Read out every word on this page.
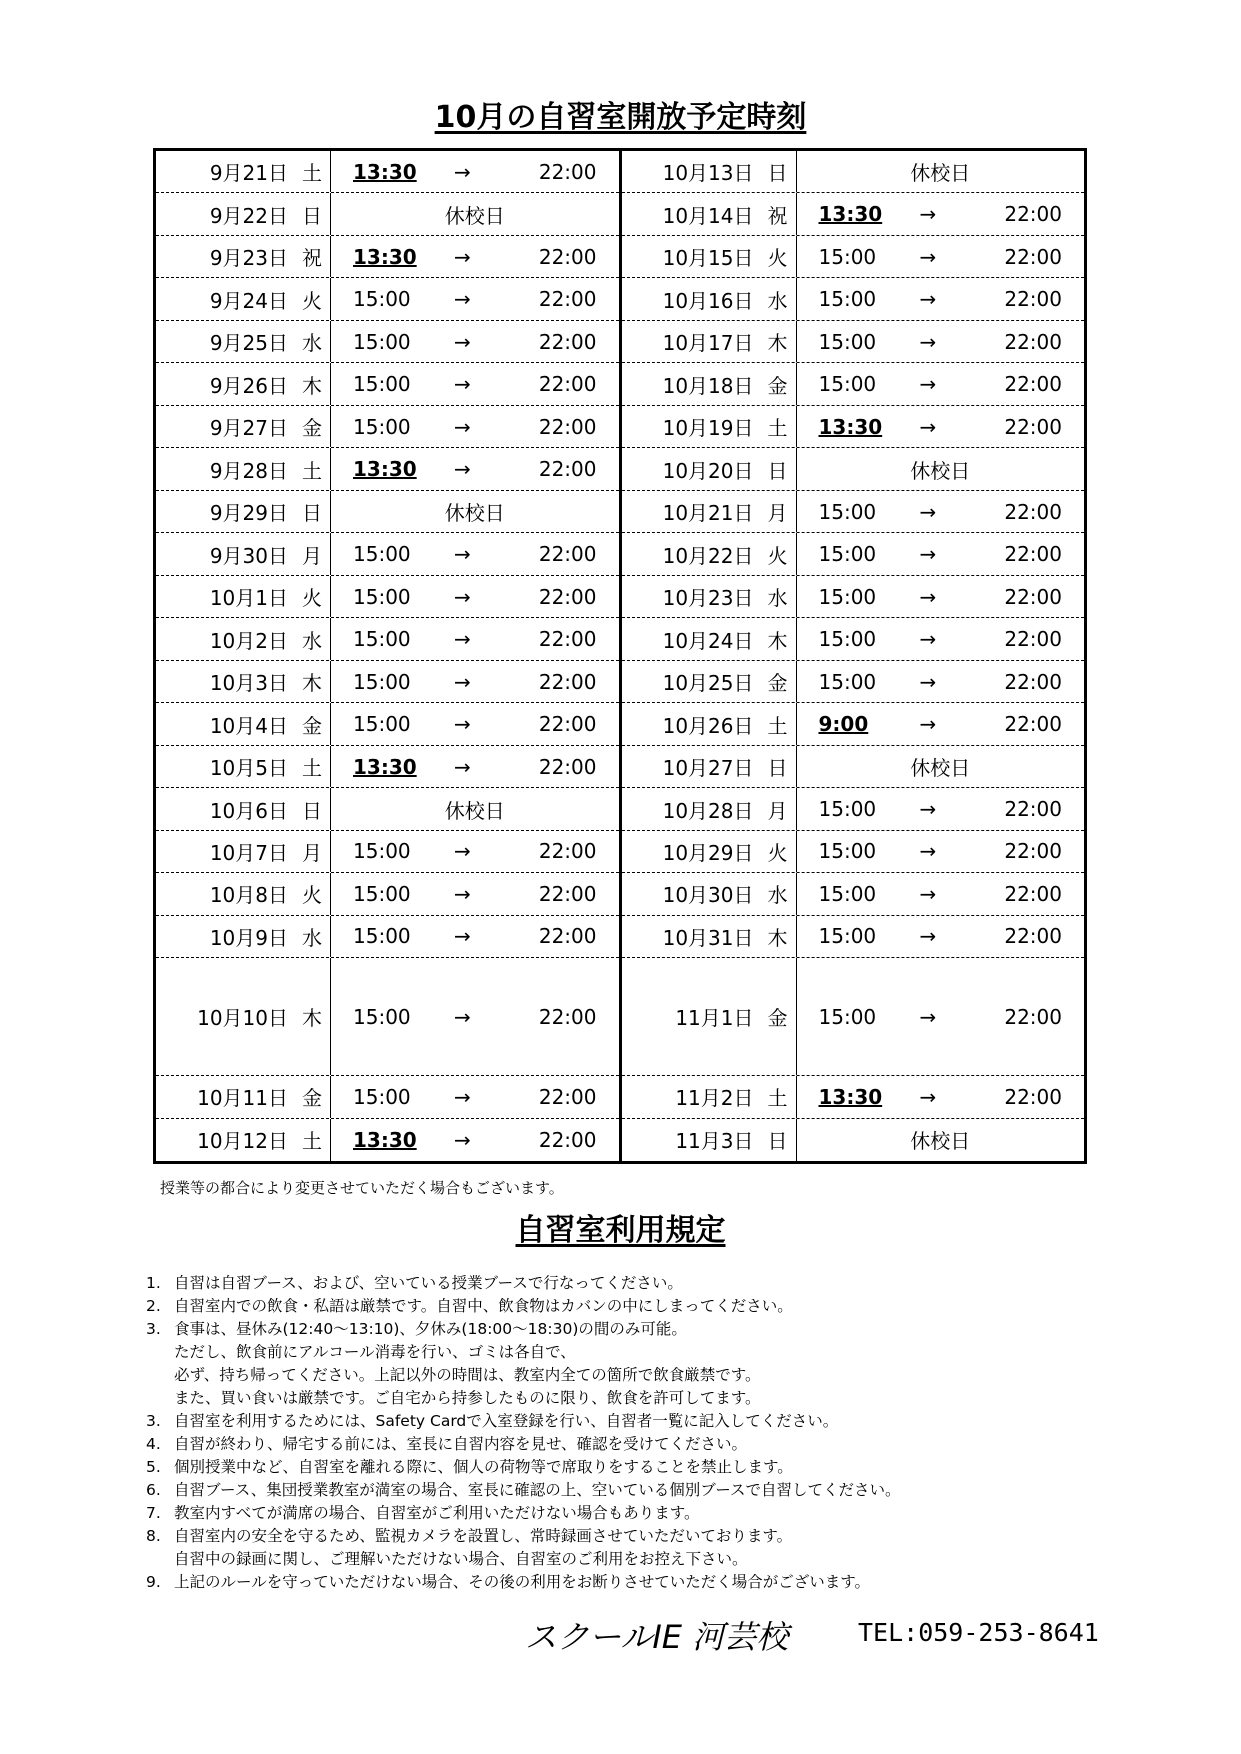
10月の自習室開放予定時刻
9月21日 土 13:30 →	22:00
9月22日 日	休校日
9月23日 祝 13:30 →	22:00
9月24日 火 15:00 →	22:00
9月25日 水 15:00 →	22:00
9月26日 木 15:00 →	22:00
9月27日 金 15:00 →	22:00
9月28日 土 13:30 →	22:00
9月29日 日	休校日
9月30日 月 15:00 →	22:00
10月1日 火 15:00 →	22:00
10月2日 水 15:00 →	22:00
10月3日 木 15:00 →	22:00
10月4日 金 15:00 →	22:00
10月5日 土 13:30 →	22:00
10月6日 日	休校日
10月7日 月 15:00 →	22:00
10月8日 火 15:00 →	22:00
10月9日 水 15:00 →	22:00
10月10日 木 15:00 →	22:00
10月11日 金 15:00 →	22:00
10月12日 土 13:30 →	22:00
10月13日 日	休校日
10月14日 祝 13:30 →	22:00
10月15日 火 15:00 →	22:00
10月16日 水 15:00 →	22:00
10月17日 木 15:00 →	22:00
10月18日 金 15:00 →	22:00
10月19日 土 13:30 →	22:00
10月20日 日	休校日
10月21日 月 15:00 →	22:00
10月22日 火 15:00 →	22:00
10月23日 水 15:00 →	22:00
10月24日 木 15:00 →	22:00
10月25日 金 15:00 →	22:00
10月26日 土 9:00	→	22:00
10月27日 日	休校日
10月28日 月 15:00 →	22:00
10月29日 火 15:00 →	22:00
10月30日 水 15:00 →	22:00
10月31日 木 15:00 →	22:00
11月1日 金 15:00 →	22:00
11月2日 土 13:30 →	22:00
11月3日 日	休校日

授業等の都合により変更させていただく場合もございます。

自習室利用規定
1. 自習は自習ブース、および、空いている授業ブースで行なってください。
2. 自習室内での飲食・私語は厳禁です。自習中、飲食物はカバンの中にしまってください。
3. 食事は、昼休み(12:40～13:10)、夕休み(18:00～18:30)の間のみ可能。
ただし、飲食前にアルコール消毒を行い、ゴミは各自で、
必ず、持ち帰ってください。上記以外の時間は、教室内全ての箇所で飲食厳禁です。
また、買い食いは厳禁です。ご自宅から持参したものに限り、飲食を許可してます。
3. 自習室を利用するためには、Safety Cardで入室登録を行い、自習者一覧に記入してください。
4. 自習が終わり、帰宅する前には、室長に自習内容を見せ、確認を受けてください。
5. 個別授業中など、自習室を離れる際に、個人の荷物等で席取りをすることを禁止します。
6. 自習ブース、集団授業教室が満室の場合、室長に確認の上、空いている個別ブースで自習してください。
7. 教室内すべてが満席の場合、自習室がご利用いただけない場合もあります。
8. 自習室内の安全を守るため、監視カメラを設置し、常時録画させていただいております。
自習中の録画に関し、ご理解いただけない場合、自習室のご利用をお控え下さい。
9. 上記のルールを守っていただけない場合、その後の利用をお断りさせていただく場合がございます。
スクールIE 河芸校	TEL:059-253-8641
